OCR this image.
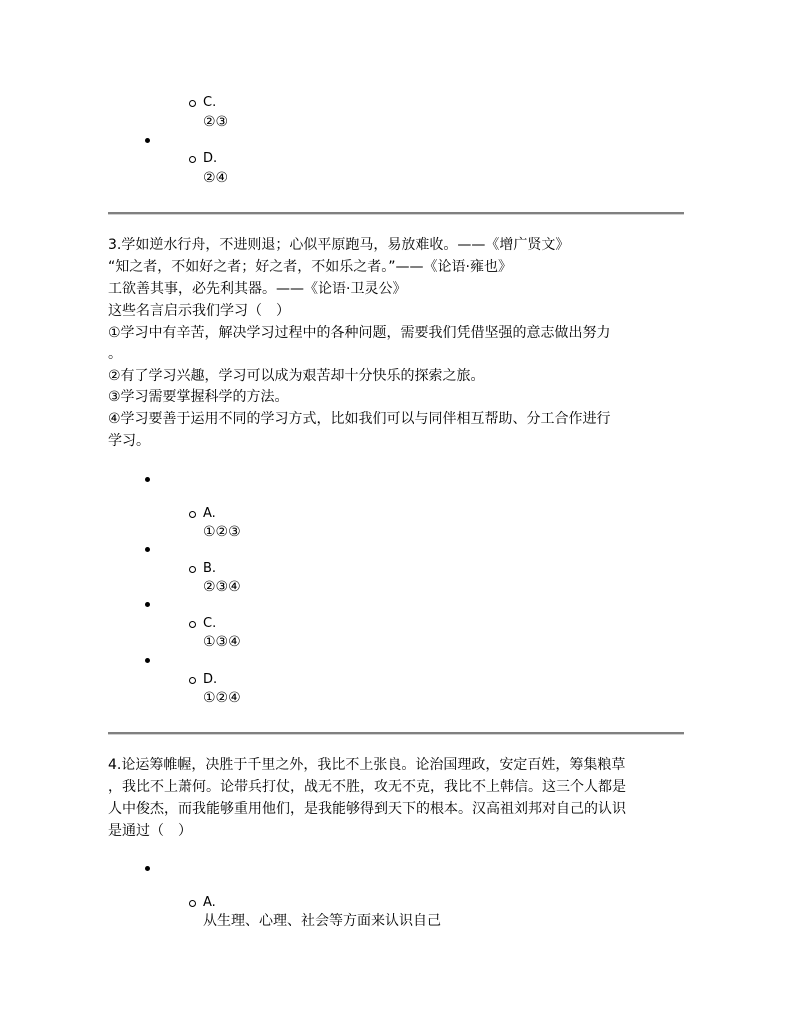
C.
②③
D.
②④
3.学如逆水行舟，不进则退；心似平原跑马，易放难收。——《增广贤文》
“知之者，不如好之者；好之者，不如乐之者。”——《论语·雍也》
工欲善其事，必先利其器。——《论语·卫灵公》
这些名言启示我们学习（　）
①学习中有辛苦，解决学习过程中的各种问题，需要我们凭借坚强的意志做出努力
。
②有了学习兴趣，学习可以成为艰苦却十分快乐的探索之旅。
③学习需要掌握科学的方法。
④学习要善于运用不同的学习方式，比如我们可以与同伴相互帮助、分工合作进行
学习。
A.
①②③
B.
②③④
C.
①③④
D.
①②④
4.论运筹帷幄，决胜于千里之外，我比不上张良。论治国理政，安定百姓，筹集粮草
，我比不上萧何。论带兵打仗，战无不胜，攻无不克，我比不上韩信。这三个人都是
人中俊杰，而我能够重用他们，是我能够得到天下的根本。汉高祖刘邦对自己的认识
是通过（　）
A.
从生理、心理、社会等方面来认识自己
